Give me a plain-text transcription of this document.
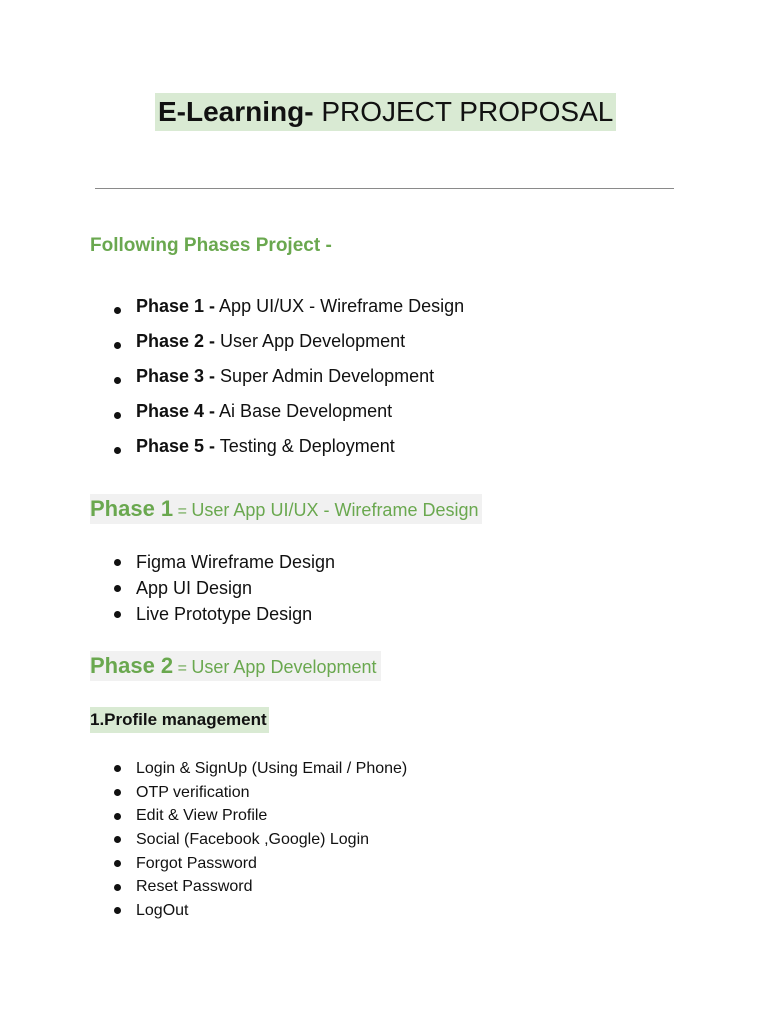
E-Learning- PROJECT PROPOSAL
Following Phases Project -
Phase 1 - App UI/UX - Wireframe Design
Phase 2 - User App Development
Phase 3 - Super Admin Development
Phase 4 - Ai Base Development
Phase 5 - Testing & Deployment
Phase 1 = User App UI/UX - Wireframe Design
Figma Wireframe Design
App UI Design
Live Prototype Design
Phase 2 = User App Development
1.Profile management
Login & SignUp (Using Email / Phone)
OTP verification
Edit & View Profile
Social (Facebook ,Google) Login
Forgot Password
Reset Password
LogOut
